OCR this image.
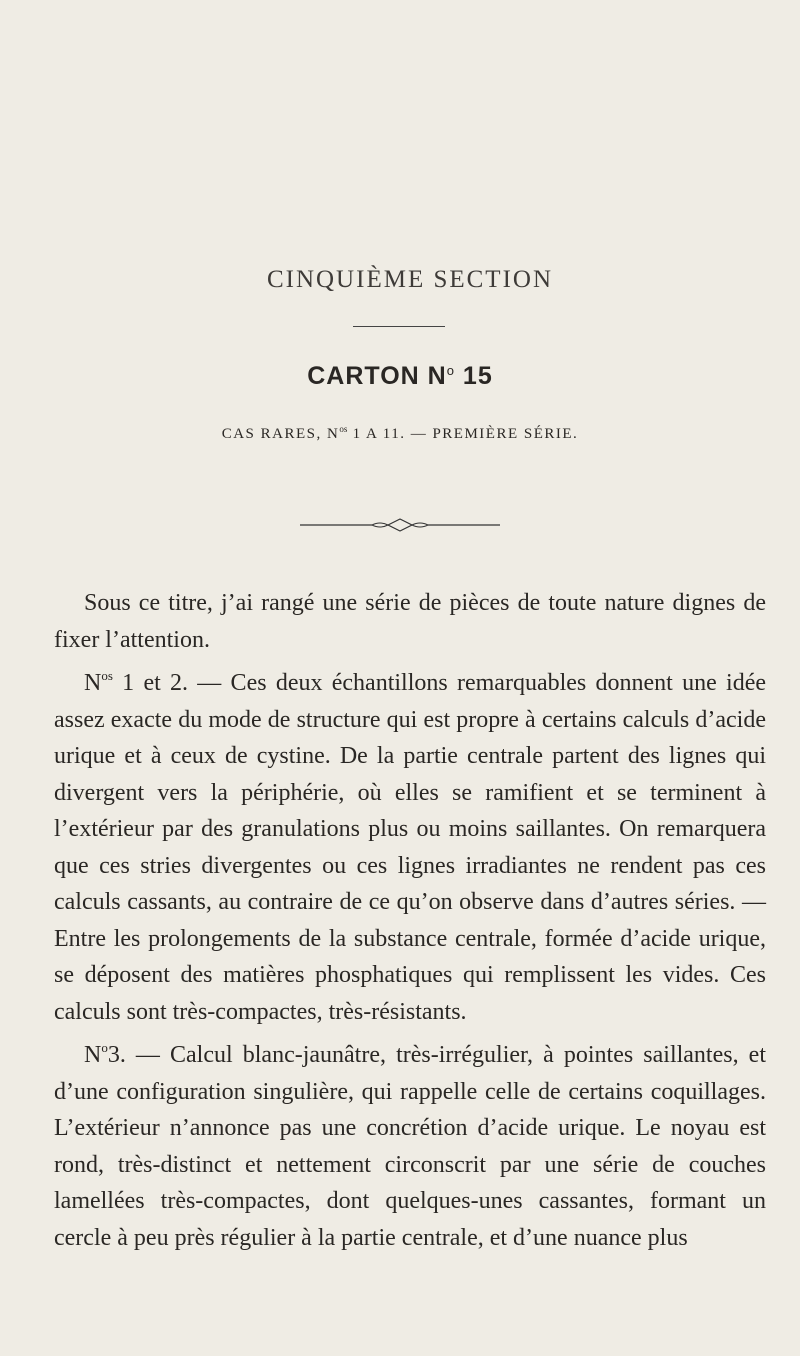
CINQUIÈME SECTION
CARTON $N^o$ 15
CAS RARES, $N^{os}$ 1 A 11. — PREMIÈRE SÉRIE.

Sous ce titre, j’ai rangé une série de pièces de toute nature dignes de fixer l’attention.

$N^{os}$ 1 et 2. — Ces deux échantillons remarquables donnent une idée assez exacte du mode de structure qui est propre à certains calculs d’acide urique et à ceux de cystine. De la partie centrale partent des lignes qui divergent vers la périphérie, où elles se ramifient et se terminent à l’extérieur par des granulations plus ou moins saillantes. On remarquera que ces stries divergentes ou ces lignes irradiantes ne rendent pas ces calculs cassants, au contraire de ce qu’on observe dans d’autres séries. — Entre les prolongements de la substance centrale, formée d’acide urique, se déposent des matières phosphatiques qui remplissent les vides. Ces calculs sont très-compactes, très-résistants.

$N^o3$. — Calcul blanc-jaunâtre, très-irrégulier, à pointes saillantes, et d’une configuration singulière, qui rappelle celle de certains coquillages. L’extérieur n’annonce pas une concrétion d’acide urique. Le noyau est rond, très-distinct et nettement circonscrit par une série de couches lamellées très-compactes, dont quelques-unes cassantes, formant un cercle à peu près régulier à la partie centrale, et d’une nuance plus
